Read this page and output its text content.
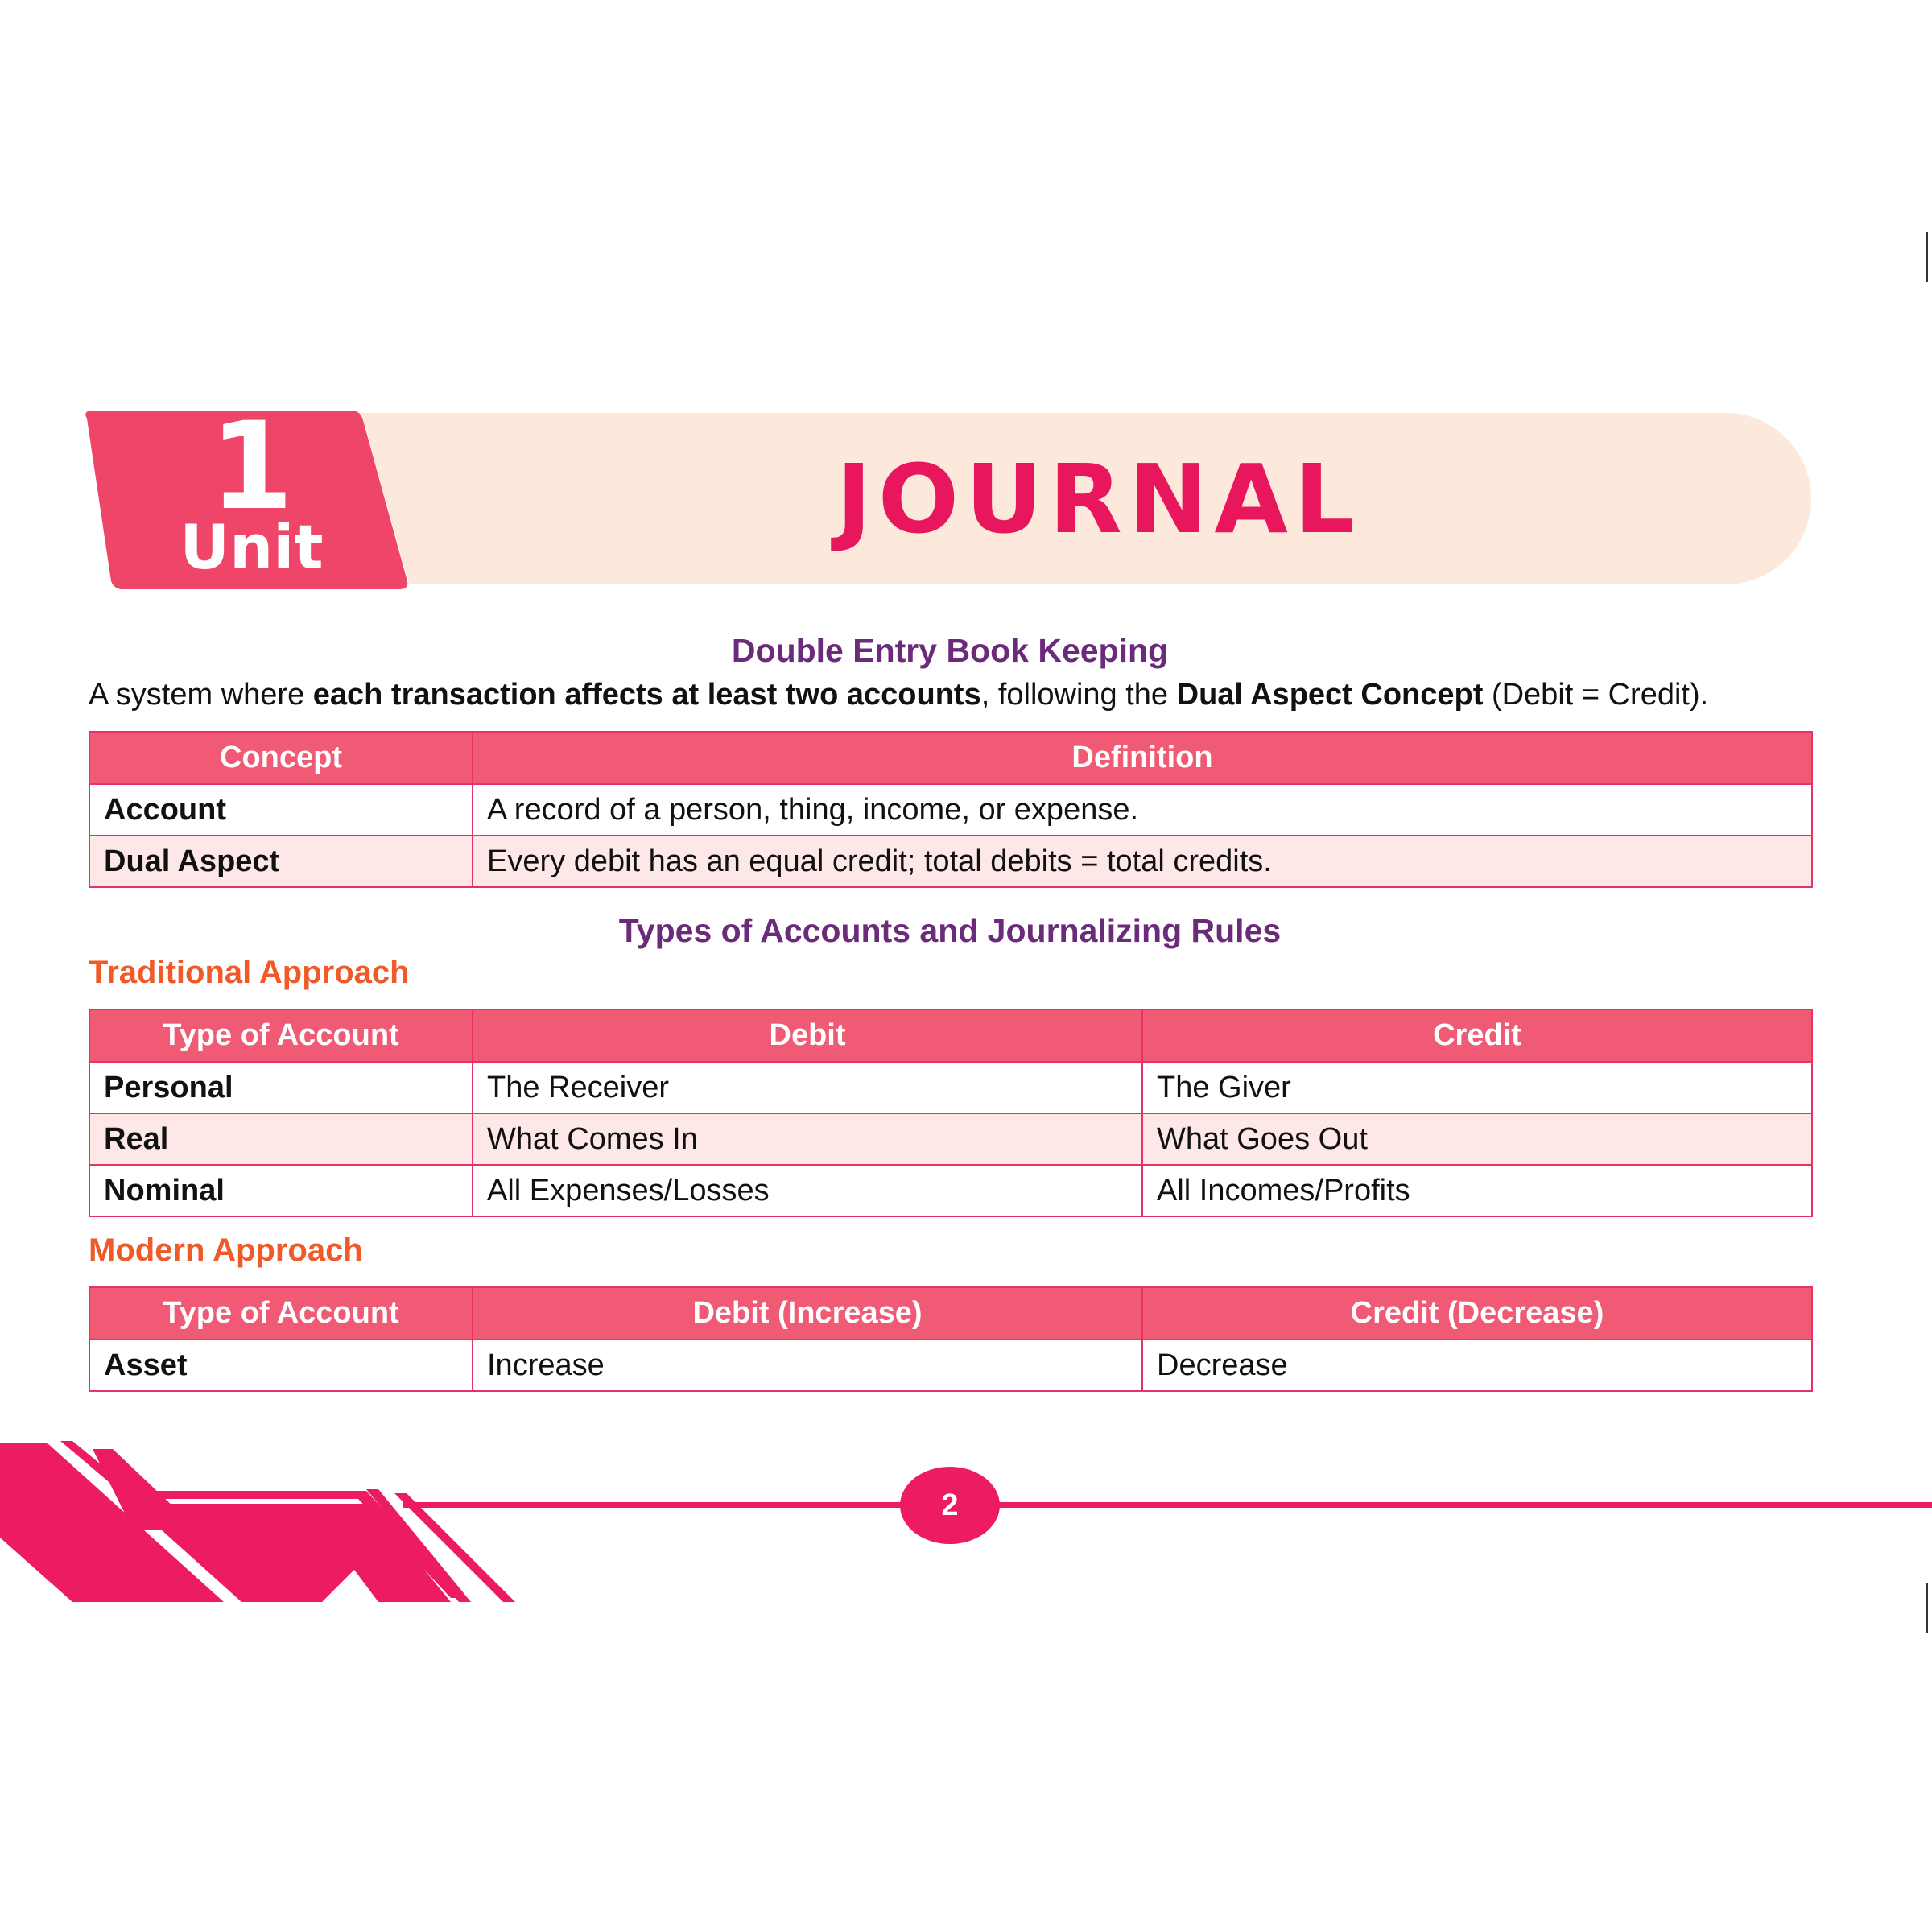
1
Unit	JOURNAL
Double Entry Book Keeping
A system where each transaction affects at least two accounts, following the Dual Aspect Concept (Debit = Credit).
Concept	Definition
Account	A record of a person, thing, income, or expense.
Dual Aspect	Every debit has an equal credit; total debits = total credits.
Types of Accounts and Journalizing Rules
Traditional Approach
Type of Account	Debit	Credit
Personal	The Receiver	The Giver
Real	What Comes In	What Goes Out
Nominal	All Expenses/Losses	All Incomes/Profits
Modern Approach
Type of Account	Debit (Increase)	Credit (Decrease)
Asset	Increase	Decrease
2
